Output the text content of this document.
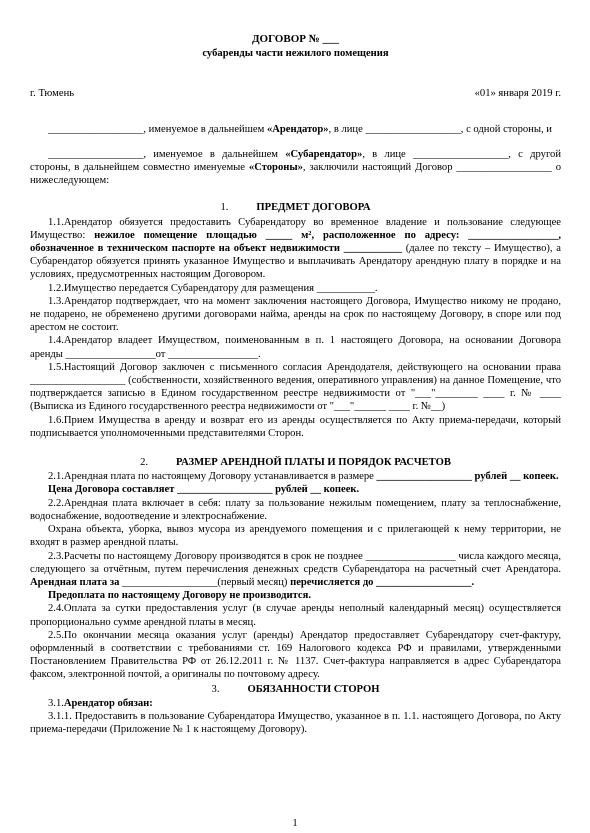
ДОГОВОР № ___

субаренды части нежилого помещения

г. Тюмень	«01» января 2019 г.

__________________, именуемое в дальнейшем «Арендатор», в лице __________________, с одной стороны, и

__________________, именуемое в дальнейшем «Субарендатор», в лице __________________, с другой стороны, в дальнейшем совместно именуемые «Стороны», заключили настоящий Договор __________________ о нижеследующем:

1.	ПРЕДМЕТ ДОГОВОРА

1.1.Арендатор обязуется предоставить Субарендатору во временное владение и пользование следующее Имущество: нежилое помещение площадью _____ м², расположенное по адресу: _________________, обозначенное в техническом паспорте на объект недвижимости ___________ (далее по тексту – Имущество), а Субарендатор обязуется принять указанное Имущество и выплачивать Арендатору арендную плату в порядке и на условиях, предусмотренных настоящим Договором.

1.2.Имущество передается Субарендатору для размещения ___________.

1.3.Арендатор подтверждает, что на момент заключения настоящего Договора, Имущество никому не продано, не подарено, не обременено другими договорами найма, аренды на срок по настоящему Договору, в споре или под арестом не состоит.

1.4.Арендатор владеет Имуществом, поименованным в п. 1 настоящего Договора, на основании Договора аренды _________________от _________________.

1.5.Настоящий Договор заключен с письменного согласия Арендодателя, действующего на основании права __________________ (собственности, хозяйственного ведения, оперативного управления) на данное Помещение, что подтверждается записью в Едином государственном реестре недвижимости от "___"________ ____ г. № ____ (Выписка из Единого государственного реестра недвижимости от "___"______ ____ г. №__)

1.6.Прием Имущества в аренду и возврат его из аренды осуществляется по Акту приема-передачи, который подписывается уполномоченными представителями Сторон.

2.	РАЗМЕР АРЕНДНОЙ ПЛАТЫ И ПОРЯДОК РАСЧЕТОВ

2.1.Арендная плата по настоящему Договору устанавливается в размере __________________ рублей __ копеек.

Цена Договора составляет __________________ рублей __ копеек.

2.2.Арендная плата включает в себя: плату за пользование нежилым помещением, плату за теплоснабжение, водоснабжение, водоотведение и электроснабжение.

Охрана объекта, уборка, вывоз мусора из арендуемого помещения и с прилегающей к нему территории, не входят в размер арендной платы.

2.3.Расчеты по настоящему Договору производятся в срок не позднее _________________ числа каждого месяца, следующего за отчётным, путем перечисления денежных средств Субарендатора на расчетный счет Арендатора. Арендная плата за __________________(первый месяц) перечисляется до __________________.

Предоплата по настоящему Договору не производится.

2.4.Оплата за сутки предоставления услуг (в случае аренды неполный календарный месяц) осуществляется пропорционально сумме арендной платы в месяц.

2.5.По окончании месяца оказания услуг (аренды) Арендатор предоставляет Субарендатору счет-фактуру, оформленный в соответствии с требованиями ст. 169 Налогового кодекса РФ и правилами, утвержденными Постановлением Правительства РФ от 26.12.2011 г. № 1137. Счет-фактура направляется в адрес Субарендатора факсом, электронной почтой, а оригиналы по почтовому адресу.

3.	ОБЯЗАННОСТИ СТОРОН

3.1.Арендатор обязан:

3.1.1. Предоставить в пользование Субарендатора Имущество, указанное в п. 1.1. настоящего Договора, по Акту приема-передачи (Приложение № 1 к настоящему Договору).

1
